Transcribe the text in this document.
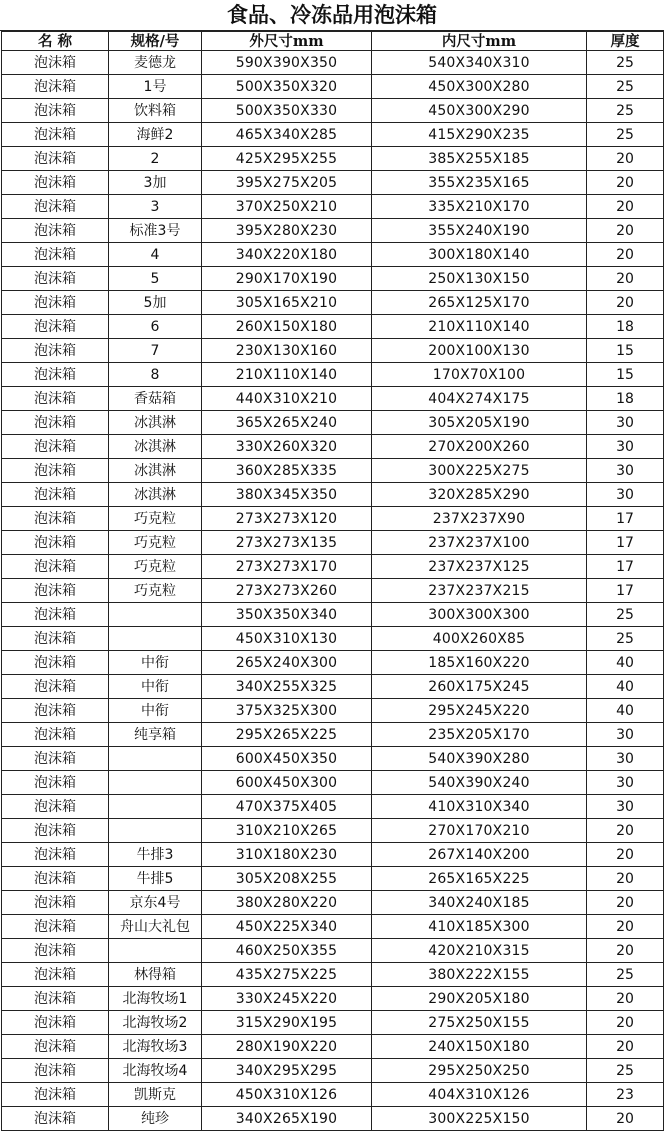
食品、冷冻品用泡沫箱
名 称	规格/号	外尺寸mm	内尺寸mm	厚度
泡沫箱	麦德龙	590X390X350	540X340X310	25
泡沫箱	1号	500X350X320	450X300X280	25
泡沫箱	饮料箱	500X350X330	450X300X290	25
泡沫箱	海鲜2	465X340X285	415X290X235	25
泡沫箱	2	425X295X255	385X255X185	20
泡沫箱	3加	395X275X205	355X235X165	20
泡沫箱	3	370X250X210	335X210X170	20
泡沫箱	标准3号	395X280X230	355X240X190	20
泡沫箱	4	340X220X180	300X180X140	20
泡沫箱	5	290X170X190	250X130X150	20
泡沫箱	5加	305X165X210	265X125X170	20
泡沫箱	6	260X150X180	210X110X140	18
泡沫箱	7	230X130X160	200X100X130	15
泡沫箱	8	210X110X140	170X70X100	15
泡沫箱	香菇箱	440X310X210	404X274X175	18
泡沫箱	冰淇淋	365X265X240	305X205X190	30
泡沫箱	冰淇淋	330X260X320	270X200X260	30
泡沫箱	冰淇淋	360X285X335	300X225X275	30
泡沫箱	冰淇淋	380X345X350	320X285X290	30
泡沫箱	巧克粒	273X273X120	237X237X90	17
泡沫箱	巧克粒	273X273X135	237X237X100	17
泡沫箱	巧克粒	273X273X170	237X237X125	17
泡沫箱	巧克粒	273X273X260	237X237X215	17
泡沫箱		350X350X340	300X300X300	25
泡沫箱		450X310X130	400X260X85	25
泡沫箱	中衔	265X240X300	185X160X220	40
泡沫箱	中衔	340X255X325	260X175X245	40
泡沫箱	中衔	375X325X300	295X245X220	40
泡沫箱	纯享箱	295X265X225	235X205X170	30
泡沫箱		600X450X350	540X390X280	30
泡沫箱		600X450X300	540X390X240	30
泡沫箱		470X375X405	410X310X340	30
泡沫箱		310X210X265	270X170X210	20
泡沫箱	牛排3	310X180X230	267X140X200	20
泡沫箱	牛排5	305X208X255	265X165X225	20
泡沫箱	京东4号	380X280X220	340X240X185	20
泡沫箱	舟山大礼包	450X225X340	410X185X300	20
泡沫箱		460X250X355	420X210X315	20
泡沫箱	林得箱	435X275X225	380X222X155	25
泡沫箱	北海牧场1	330X245X220	290X205X180	20
泡沫箱	北海牧场2	315X290X195	275X250X155	20
泡沫箱	北海牧场3	280X190X220	240X150X180	20
泡沫箱	北海牧场4	340X295X295	295X250X250	25
泡沫箱	凯斯克	450X310X126	404X310X126	23
泡沫箱	纯珍	340X265X190	300X225X150	20
